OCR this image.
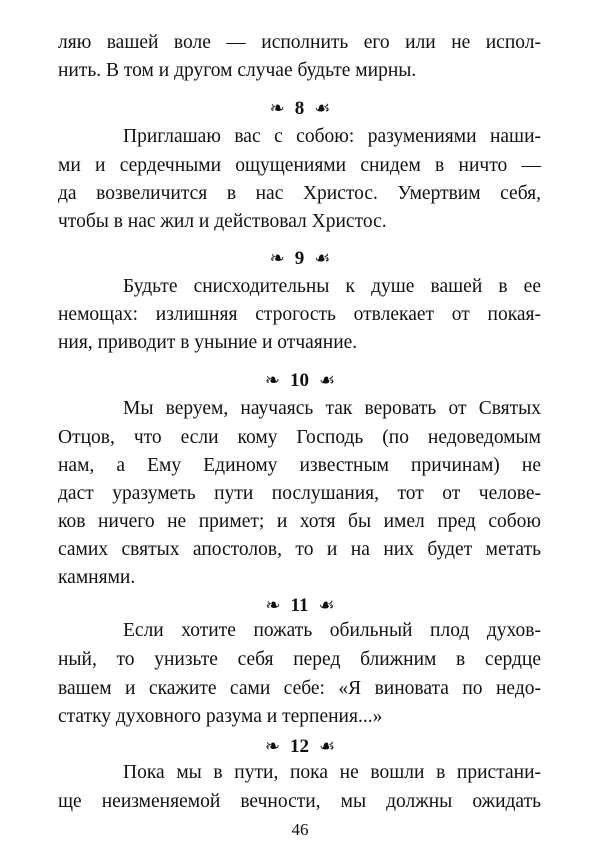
ляю вашей воле — исполнить его или не испол-
нить. В том и другом случае будьте мирны.
❧ 8 ☙
Приглашаю вас с собою: разумениями наши-
ми и сердечными ощущениями снидем в ничто —
да возвеличится в нас Христос. Умертвим себя,
чтобы в нас жил и действовал Христос.
❧ 9 ☙
Будьте снисходительны к душе вашей в ее
немощах: излишняя строгость отвлекает от покая-
ния, приводит в уныние и отчаяние.
❧ 10 ☙
Мы веруем, научаясь так веровать от Святых
Отцов, что если кому Господь (по недоведомым
нам, а Ему Единому известным причинам) не
даст уразуметь пути послушания, тот от челове-
ков ничего не примет; и хотя бы имел пред собою
самих святых апостолов, то и на них будет метать
камнями.
❧ 11 ☙
Если хотите пожать обильный плод духов-
ный, то унизьте себя перед ближним в сердце
вашем и скажите сами себе: «Я виновата по недо-
статку духовного разума и терпения...»
❧ 12 ☙
Пока мы в пути, пока не вошли в пристани-
ще неизменяемой вечности, мы должны ожидать
46
